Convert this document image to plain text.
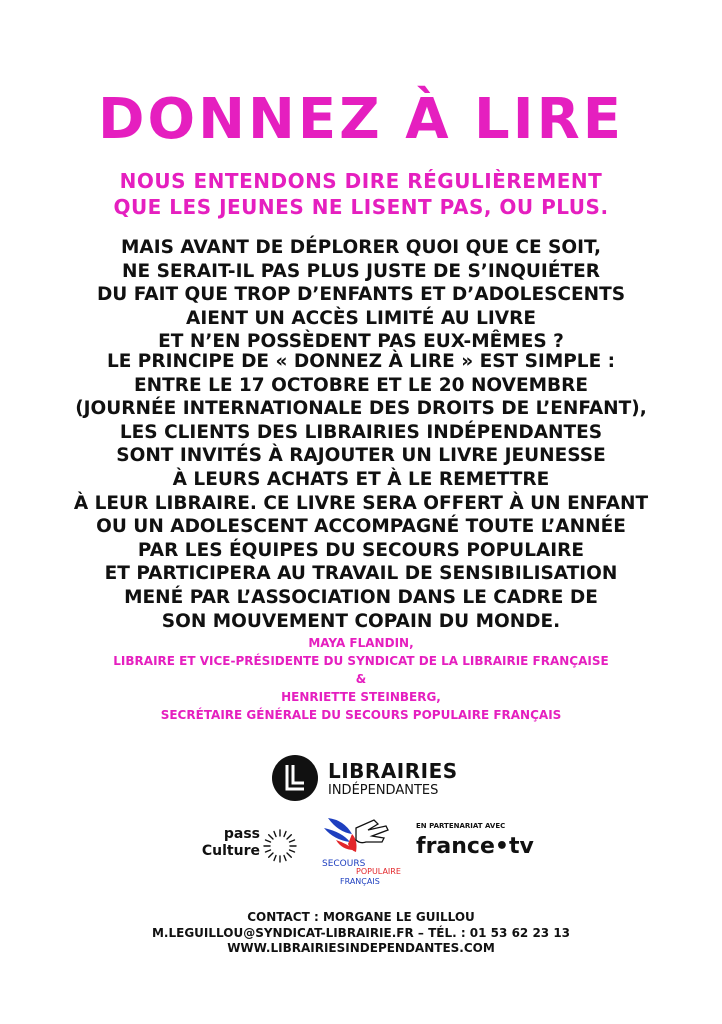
DONNEZ À LIRE
NOUS ENTENDONS DIRE RÉGULIÈREMENT
QUE LES JEUNES NE LISENT PAS, OU PLUS.
MAIS AVANT DE DÉPLORER QUOI QUE CE SOIT,
NE SERAIT-IL PAS PLUS JUSTE DE S’INQUIÉTER
DU FAIT QUE TROP D’ENFANTS ET D’ADOLESCENTS
AIENT UN ACCÈS LIMITÉ AU LIVRE
ET N’EN POSSÈDENT PAS EUX-MÊMES ?
LE PRINCIPE DE « DONNEZ À LIRE » EST SIMPLE :
ENTRE LE 17 OCTOBRE ET LE 20 NOVEMBRE
(JOURNÉE INTERNATIONALE DES DROITS DE L’ENFANT),
LES CLIENTS DES LIBRAIRIES INDÉPENDANTES
SONT INVITÉS À RAJOUTER UN LIVRE JEUNESSE
À LEURS ACHATS ET À LE REMETTRE
À LEUR LIBRAIRE. CE LIVRE SERA OFFERT À UN ENFANT
OU UN ADOLESCENT ACCOMPAGNÉ TOUTE L’ANNÉE
PAR LES ÉQUIPES DU SECOURS POPULAIRE
ET PARTICIPERA AU TRAVAIL DE SENSIBILISATION
MENÉ PAR L’ASSOCIATION DANS LE CADRE DE
SON MOUVEMENT COPAIN DU MONDE.
MAYA FLANDIN,
LIBRAIRE ET VICE-PRÉSIDENTE DU SYNDICAT DE LA LIBRAIRIE FRANÇAISE
&
HENRIETTE STEINBERG,
SECRÉTAIRE GÉNÉRALE DU SECOURS POPULAIRE FRANÇAIS
LIBRAIRIES
INDÉPENDANTES
pass
Culture
SECOURS
POPULAIRE
FRANÇAIS
EN PARTENARIAT AVEC
france•tv
CONTACT : MORGANE LE GUILLOU
M.LEGUILLOU@SYNDICAT-LIBRAIRIE.FR – TÉL. : 01 53 62 23 13
WWW.LIBRAIRIESINDEPENDANTES.COM
